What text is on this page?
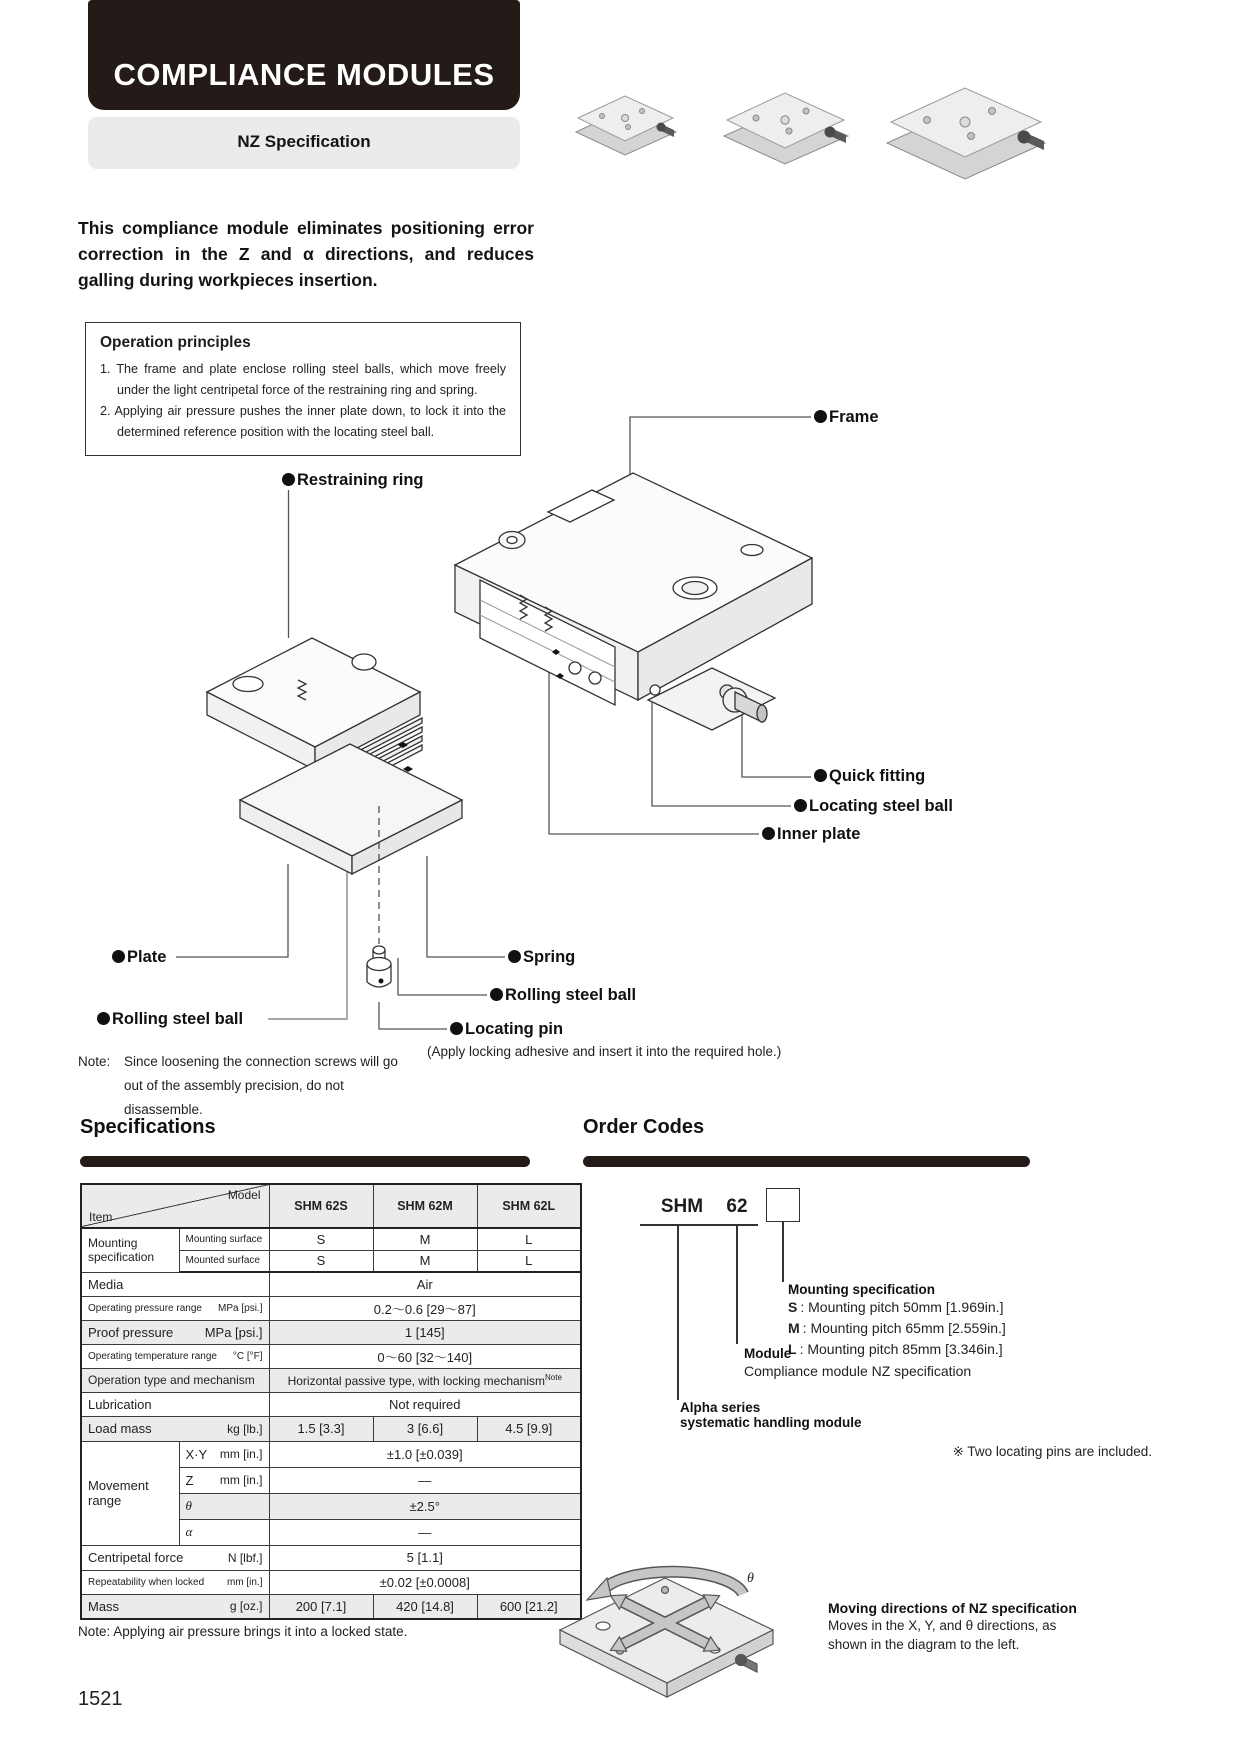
COMPLIANCE MODULES
NZ Specification
This compliance module eliminates positioning error correction in the Z and α directions, and reduces galling during workpieces insertion.
Operation principles
1. The frame and plate enclose rolling steel balls, which move freely under the light centripetal force of the restraining ring and spring.
2. Applying air pressure pushes the inner plate down, to lock it into the determined reference position with the locating steel ball.
Frame
Restraining ring
Quick fitting
Locating steel ball
Inner plate
Plate	Spring
Rolling steel ball
Rolling steel ball
Locating pin
(Apply locking adhesive and insert it into the required hole.)
Note:	Since loosening the connection screws will go
out of the assembly precision, do not
disassemble.
Specifications	Order Codes
Model
Item		SHM 62S	SHM 62M	SHM 62L
Mounting specification	Mounting surface	S	M	L
	Mounted surface	S	M	L
Media		Air		

Operating pressure range MPa [psi.]		0.2～0.6 [29～87]		

Proof pressure MPa [psi.]		1 [145]		

Operating temperature range °C [°F]		0～60 [32～140]		
Operation type and mechanism		Horizontal passive type, with locking mechanism$^{Note}$
Lubrication		Not required		

Load mass kg [lb.]		1.5 [3.3]	3 [6.6]	4.5 [9.9]
Movement range	X·Y mm [in.]	±1.0 [±0.039]		

	Z mm [in.]	—		
	θ	±2.5°		
	α	—		

Centripetal force N [lbf.]		5 [1.1]		

Repeatability when locked mm [in.]		±0.02 [±0.0008]		

Mass g [oz.]		200 [7.1]	420 [14.8]	600 [21.2]
Note: Applying air pressure brings it into a locked state.
SHM	62
Mounting specification
S : Mounting pitch 50mm [1.969in.]
M : Mounting pitch 65mm [2.559in.]
L : Mounting pitch 85mm [3.346in.]
Module
Compliance module NZ specification
Alpha series
systematic handling module
※ Two locating pins are included.
θ
Moving directions of NZ specification
Moves in the X, Y, and θ directions, as
shown in the diagram to the left.
1521
